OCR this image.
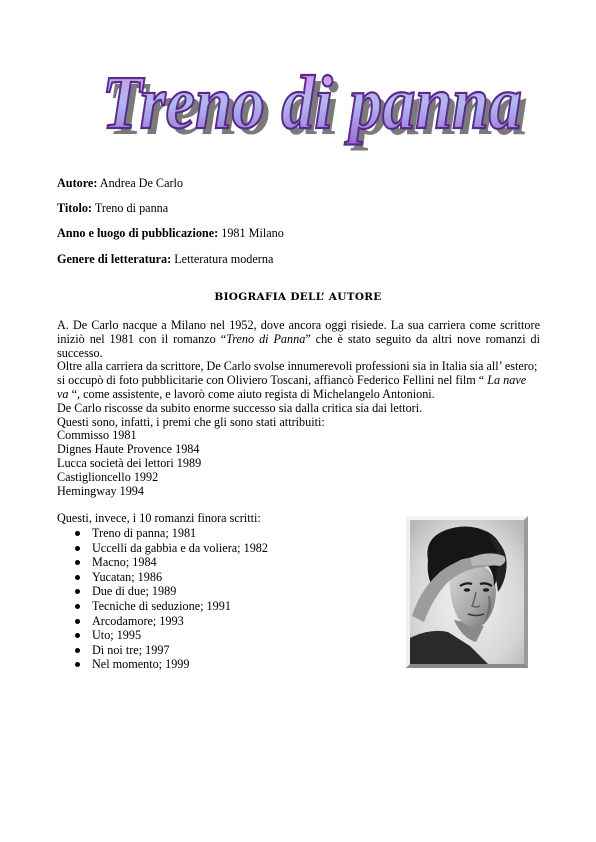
Treno di panna
Treno di panna
Autore: Andrea De Carlo
Titolo: Treno di panna
Anno e luogo di pubblicazione: 1981 Milano
Genere di letteratura: Letteratura moderna
BIOGRAFIA DELL’ AUTORE

A. De Carlo nacque a Milano nel 1952, dove ancora oggi risiede. La sua carriera come scrittore iniziò nel 1981 con il romanzo “Treno di Panna” che è stato seguito da altri nove romanzi di successo.

Oltre alla carriera da scrittore, De Carlo svolse innumerevoli professioni sia in Italia sia all’ estero;

si occupò di foto pubblicitarie con Oliviero Toscani, affiancò Federico Fellini nel film “ La nave va “, come assistente, e lavorò come aiuto regista di Michelangelo Antonioni.

De Carlo riscosse da subito enorme successo sia dalla critica sia dai lettori.

Questi sono, infatti, i premi che gli sono stati attribuiti:

Commisso 1981
Dignes Haute Provence 1984
Lucca società dei lettori 1989
Castiglioncello 1992
Hemingway 1994

Questi, invece, i 10 romanzi finora scritti:

Treno di panna; 1981
Uccelli da gabbia e da voliera; 1982
Macno; 1984
Yucatan; 1986
Due di due; 1989
Tecniche di seduzione; 1991
Arcodamore; 1993
Uto; 1995
Di noi tre; 1997
Nel momento; 1999
